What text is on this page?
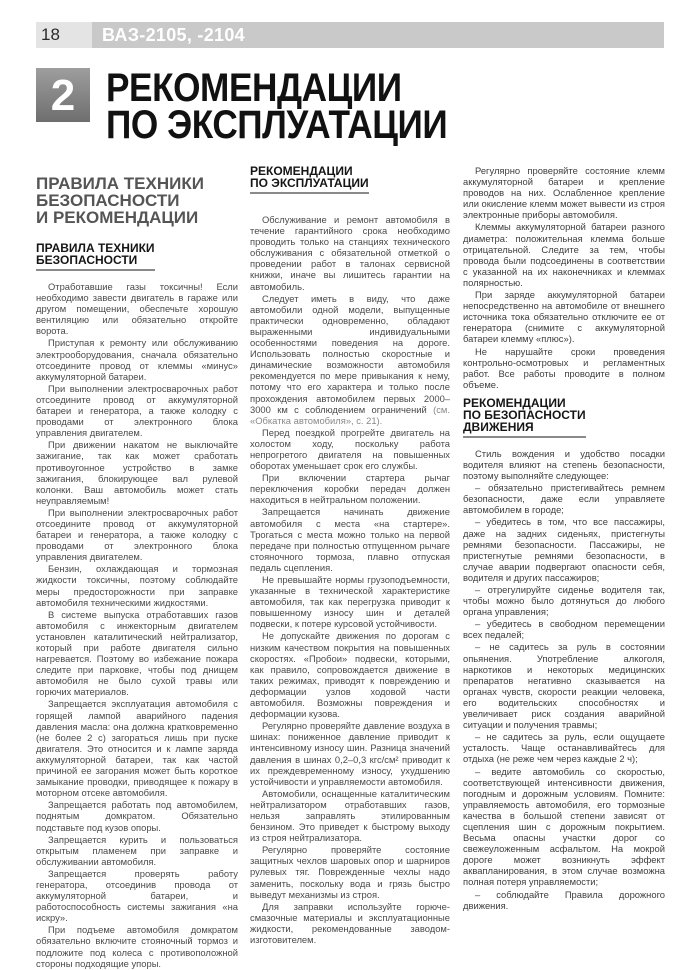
18 ВАЗ-2105, -2104
2 РЕКОМЕНДАЦИИ
ПО ЭКСПЛУАТАЦИИ
ПРАВИЛА ТЕХНИКИ
БЕЗОПАСНОСТИ
И РЕКОМЕНДАЦИИ
ПРАВИЛА ТЕХНИКИ
БЕЗОПАСНОСТИ
Отработавшие газы токсичны! Если необходимо завести двигатель в гараже или другом помещении, обеспечьте хорошую вентиляцию или обязательно откройте ворота.
Приступая к ремонту или обслуживанию электрооборудования, сначала обязательно отсоедините провод от клеммы «минус» аккумуляторной батареи.
При выполнении электросварочных работ отсоедините провод от аккумуляторной батареи и генератора, а также колодку с проводами от электронного блока управления двигателем.
При движении накатом не выключайте зажигание, так как может сработать противоугонное устройство в замке зажигания, блокирующее вал рулевой колонки. Ваш автомобиль может стать неуправляемым!
При выполнении электросварочных работ отсоедините провод от аккумуляторной батареи и генератора, а также колодку с проводами от электронного блока управления двигателем.
Бензин, охлаждающая и тормозная жидкости токсичны, поэтому соблюдайте меры предосторожности при заправке автомобиля техническими жидкостями.
В системе выпуска отработавших газов автомобиля с инжекторным двигателем установлен каталитический нейтрализатор, который при работе двигателя сильно нагревается. Поэтому во избежание пожара следите при парковке, чтобы под днищем автомобиля не было сухой травы или горючих материалов.
Запрещается эксплуатация автомобиля с горящей лампой аварийного падения давления масла: она должна кратковременно (не более 2 с) загораться лишь при пуске двигателя. Это относится и к лампе заряда аккумуляторной батареи, так как частой причиной ее загорания может быть короткое замыкание проводки, приводящее к пожару в моторном отсеке автомобиля.
Запрещается работать под автомобилем, поднятым домкратом. Обязательно подставьте под кузов опоры.
Запрещается курить и пользоваться открытым пламенем при заправке и обслуживании автомобиля.
Запрещается проверять работу генератора, отсоединив провода от аккумуляторной батареи, и работоспособность системы зажигания «на искру».
При подъеме автомобиля домкратом обязательно включите стояночный тормоз и подложите под колеса с противоположной стороны подходящие упоры.
РЕКОМЕНДАЦИИ
ПО ЭКСПЛУАТАЦИИ
Обслуживание и ремонт автомобиля в течение гарантийного срока необходимо проводить только на станциях технического обслуживания с обязательной отметкой о проведении работ в талонах сервисной книжки, иначе вы лишитесь гарантии на автомобиль.
Следует иметь в виду, что даже автомобили одной модели, выпущенные практически одновременно, обладают выраженными индивидуальными особенностями поведения на дороге. Использовать полностью скоростные и динамические возможности автомобиля рекомендуется по мере привыкания к нему, потому что его характера и только после прохождения автомобилем первых 2000–3000 км с соблюдением ограничений (см. «Обкатка автомобиля», с. 21).
Перед поездкой прогрейте двигатель на холостом ходу, поскольку работа непрогретого двигателя на повышенных оборотах уменьшает срок его службы.
При включении стартера рычаг переключения коробки передач должен находиться в нейтральном положении.
Запрещается начинать движение автомобиля с места «на стартере». Трогаться с места можно только на первой передаче при полностью отпущенном рычаге стояночного тормоза, плавно отпуская педаль сцепления.
Не превышайте нормы грузоподъемности, указанные в технической характеристике автомобиля, так как перегрузка приводит к повышенному износу шин и деталей подвески, к потере курсовой устойчивости.
Не допускайте движения по дорогам с низким качеством покрытия на повышенных скоростях. «Пробои» подвески, которыми, как правило, сопровождается движение в таких режимах, приводят к повреждению и деформации узлов ходовой части автомобиля. Возможны повреждения и деформации кузова.
Регулярно проверяйте давление воздуха в шинах: пониженное давление приводит к интенсивному износу шин. Разница значений давления в шинах 0,2–0,3 кгс/см² приводит к их преждевременному износу, ухудшению устойчивости и управляемости автомобиля.
Автомобили, оснащенные каталитическим нейтрализатором отработавших газов, нельзя заправлять этилированным бензином. Это приведет к быстрому выходу из строя нейтрализатора.
Регулярно проверяйте состояние защитных чехлов шаровых опор и шарниров рулевых тяг. Поврежденные чехлы надо заменить, поскольку вода и грязь быстро выведут механизмы из строя.
Для заправки используйте горюче-смазочные материалы и эксплуатационные жидкости, рекомендованные заводом-изготовителем.
Регулярно проверяйте состояние клемм аккумуляторной батареи и крепление проводов на них. Ослабленное крепление или окисление клемм может вывести из строя электронные приборы автомобиля.
Клеммы аккумуляторной батареи разного диаметра: положительная клемма больше отрицательной. Следите за тем, чтобы провода были подсоединены в соответствии с указанной на их наконечниках и клеммах полярностью.
При заряде аккумуляторной батареи непосредственно на автомобиле от внешнего источника тока обязательно отключите ее от генератора (снимите с аккумуляторной батареи клемму «плюс»).
Не нарушайте сроки проведения контрольно-осмотровых и регламентных работ. Все работы проводите в полном объеме.
РЕКОМЕНДАЦИИ
ПО БЕЗОПАСНОСТИ
ДВИЖЕНИЯ
Стиль вождения и удобство посадки водителя влияют на степень безопасности, поэтому выполняйте следующее:
– обязательно пристегивайтесь ремнем безопасности, даже если управляете автомобилем в городе;
– убедитесь в том, что все пассажиры, даже на задних сиденьях, пристегнуты ремнями безопасности. Пассажиры, не пристегнутые ремнями безопасности, в случае аварии подвергают опасности себя, водителя и других пассажиров;
– отрегулируйте сиденье водителя так, чтобы можно было дотянуться до любого органа управления;
– убедитесь в свободном перемещении всех педалей;
– не садитесь за руль в состоянии опьянения. Употребление алкоголя, наркотиков и некоторых медицинских препаратов негативно сказывается на органах чувств, скорости реакции человека, его водительских способностях и увеличивает риск создания аварийной ситуации и получения травмы;
– не садитесь за руль, если ощущаете усталость. Чаще останавливайтесь для отдыха (не реже чем через каждые 2 ч);
– ведите автомобиль со скоростью, соответствующей интенсивности движения, погодным и дорожным условиям. Помните: управляемость автомобиля, его тормозные качества в большой степени зависят от сцепления шин с дорожным покрытием. Весьма опасны участки дорог со свежеуложенным асфальтом. На мокрой дороге может возникнуть эффект аквапланирования, в этом случае возможна полная потеря управляемости;
– соблюдайте Правила дорожного движения.
